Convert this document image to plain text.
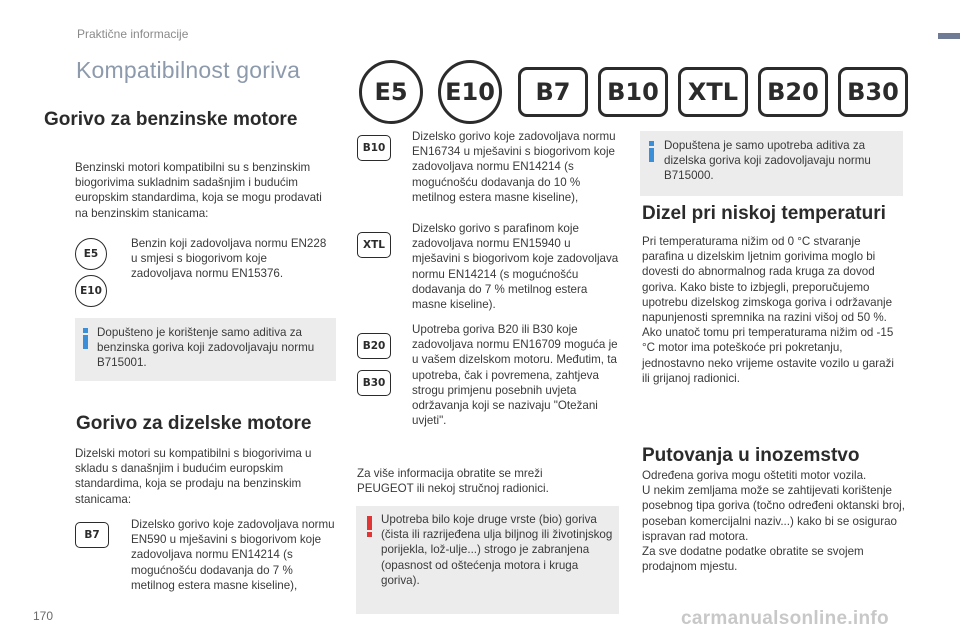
Praktične informacije
Kompatibilnost goriva
E5	E10	B7	B10	XTL	B20	B30
Gorivo za benzinske motore
Benzinski motori kompatibilni su s benzinskim biogorivima sukladnim sadašnjim i budućim europskim standardima, koja se mogu prodavati na benzinskim stanicama:
E5
E10
Benzin koji zadovoljava normu EN228 u smjesi s biogorivom koje zadovoljava normu EN15376.
Dopušteno je korištenje samo aditiva za benzinska goriva koji zadovoljavaju normu B715001.
Gorivo za dizelske motore
Dizelski motori su kompatibilni s biogorivima u skladu s današnjim i budućim europskim standardima, koja se prodaju na benzinskim stanicama:
B7
Dizelsko gorivo koje zadovoljava normu EN590 u mješavini s biogorivom koje zadovoljava normu EN14214 (s mogućnošću dodavanja do 7 % metilnog estera masne kiseline),
B10
Dizelsko gorivo koje zadovoljava normu EN16734 u mješavini s biogorivom koje zadovoljava normu EN14214 (s mogućnošću dodavanja do 10 % metilnog estera masne kiseline),
XTL
Dizelsko gorivo s parafinom koje zadovoljava normu EN15940 u mješavini s biogorivom koje zadovoljava normu EN14214 (s mogućnošću dodavanja do 7 % metilnog estera masne kiseline).
B20
B30
Upotreba goriva B20 ili B30 koje zadovoljava normu EN16709 moguća je u vašem dizelskom motoru. Međutim, ta upotreba, čak i povremena, zahtjeva strogu primjenu posebnih uvjeta održavanja koji se nazivaju "Otežani uvjeti".
Za više informacija obratite se mreži PEUGEOT ili nekoj stručnoj radionici.
Upotreba bilo koje druge vrste (bio) goriva (čista ili razrijeđena ulja biljnog ili životinjskog porijekla, lož-ulje...) strogo je zabranjena (opasnost od oštećenja motora i kruga goriva).
Dopuštena je samo upotreba aditiva za dizelska goriva koji zadovoljavaju normu B715000.
Dizel pri niskoj temperaturi
Pri temperaturama nižim od 0 °C stvaranje parafina u dizelskim ljetnim gorivima moglo bi dovesti do abnormalnog rada kruga za dovod goriva. Kako biste to izbjegli, preporučujemo upotrebu dizelskog zimskoga goriva i održavanje napunjenosti spremnika na razini višoj od 50 %.
Ako unatoč tomu pri temperaturama nižim od -15 °C motor ima poteškoće pri pokretanju, jednostavno neko vrijeme ostavite vozilo u garaži ili grijanoj radionici.
Putovanja u inozemstvo
Određena goriva mogu oštetiti motor vozila.
U nekim zemljama može se zahtijevati korištenje posebnog tipa goriva (točno određeni oktanski broj, poseban komercijalni naziv...) kako bi se osigurao ispravan rad motora.
Za sve dodatne podatke obratite se svojem prodajnom mjestu.
170	carmanualsonline.info
